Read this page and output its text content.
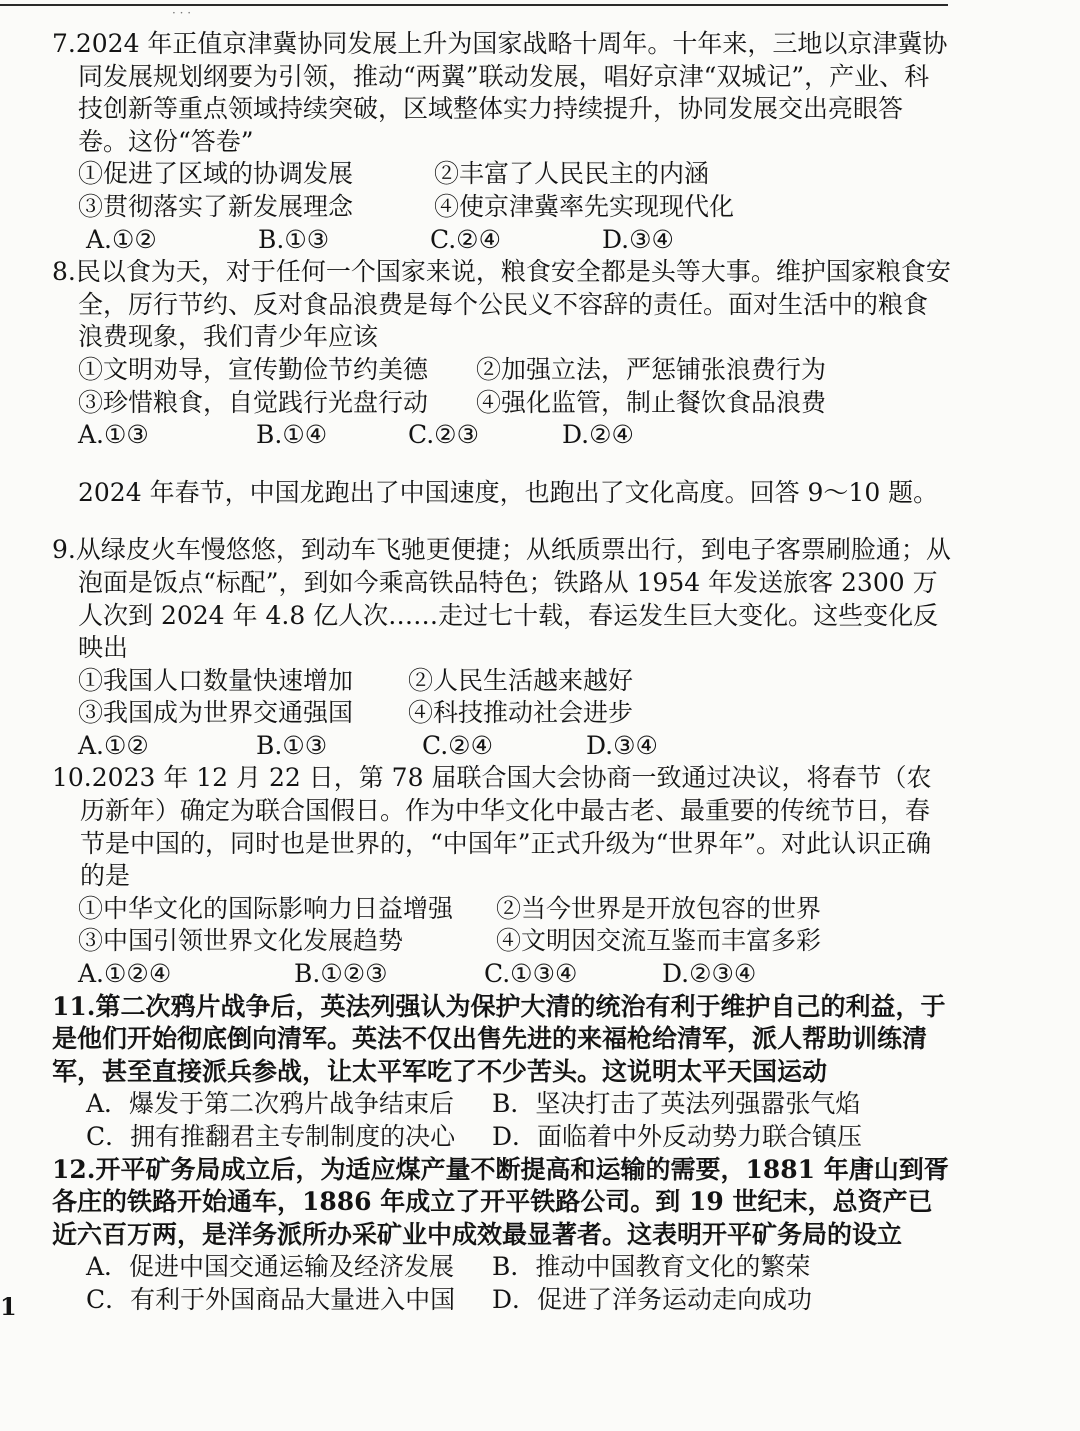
· · ·

7.2024 年正值京津冀协同发展上升为国家战略十周年。十年来，三地以京津冀协同发展规划纲要为引领，推动“两翼”联动发展，唱好京津“双城记”，产业、科技创新等重点领域持续突破，区域整体实力持续提升，协同发展交出亮眼答卷。这份“答卷”

①促进了区域的协调发展	②丰富了人民民主的内涵
③贯彻落实了新发展理念	④使京津冀率先实现现代化
A.①②	B.①③	C.②④	D.③④

8.民以食为天，对于任何一个国家来说，粮食安全都是头等大事。维护国家粮食安全，厉行节约、反对食品浪费是每个公民义不容辞的责任。面对生活中的粮食浪费现象，我们青少年应该

①文明劝导，宣传勤俭节约美德	②加强立法，严惩铺张浪费行为
③珍惜粮食，自觉践行光盘行动	④强化监管，制止餐饮食品浪费
A.①③	B.①④	C.②③	D.②④

2024 年春节，中国龙跑出了中国速度，也跑出了文化高度。回答 9～10 题。

9.从绿皮火车慢悠悠，到动车飞驰更便捷；从纸质票出行，到电子客票刷脸通；从泡面是饭点“标配”，到如今乘高铁品特色；铁路从 1954 年发送旅客 2300 万人次到 2024 年 4.8 亿人次……走过七十载，春运发生巨大变化。这些变化反映出

①我国人口数量快速增加	②人民生活越来越好
③我国成为世界交通强国	④科技推动社会进步
A.①②	B.①③	C.②④	D.③④

10.2023 年 12 月 22 日，第 78 届联合国大会协商一致通过决议，将春节（农历新年）确定为联合国假日。作为中华文化中最古老、最重要的传统节日，春节是中国的，同时也是世界的，“中国年”正式升级为“世界年”。对此认识正确的是

①中华文化的国际影响力日益增强	②当今世界是开放包容的世界
③中国引领世界文化发展趋势	④文明因交流互鉴而丰富多彩
A.①②④	B.①②③	C.①③④	D.②③④

11.第二次鸦片战争后，英法列强认为保护大清的统治有利于维护自己的利益，于是他们开始彻底倒向清军。英法不仅出售先进的来福枪给清军，派人帮助训练清军，甚至直接派兵参战，让太平军吃了不少苦头。这说明太平天国运动

A．爆发于第二次鸦片战争结束后	B．坚决打击了英法列强嚣张气焰
C．拥有推翻君主专制制度的决心	D．面临着中外反动势力联合镇压

12.开平矿务局成立后，为适应煤产量不断提高和运输的需要，1881 年唐山到胥各庄的铁路开始通车，1886 年成立了开平铁路公司。到 19 世纪末，总资产已近六百万两，是洋务派所办采矿业中成效最显著者。这表明开平矿务局的设立

A．促进中国交通运输及经济发展	B．推动中国教育文化的繁荣
C．有利于外国商品大量进入中国	D．促进了洋务运动走向成功
1
